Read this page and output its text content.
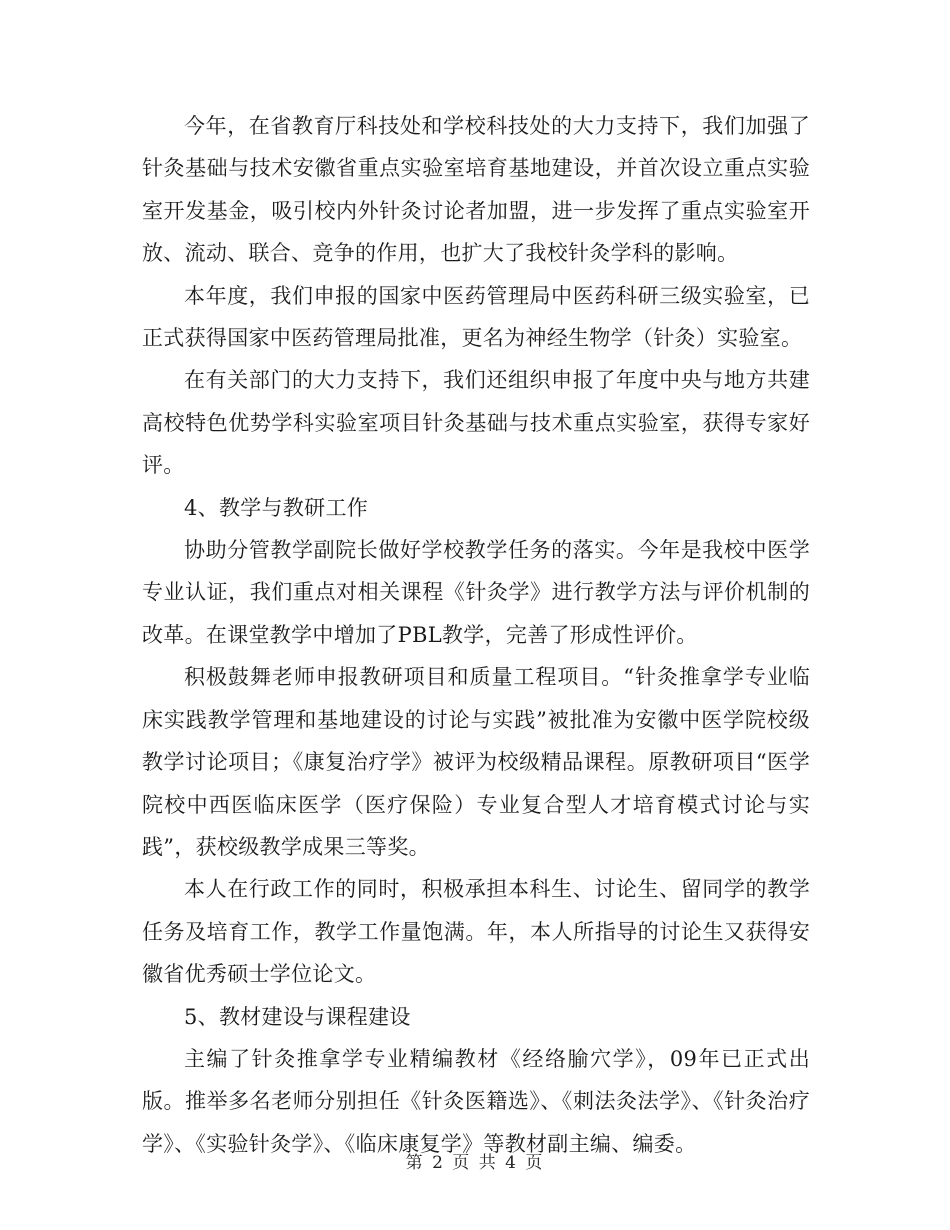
今年，在省教育厅科技处和学校科技处的大力支持下，我们加强了针灸基础与技术安徽省重点实验室培育基地建设，并首次设立重点实验室开发基金，吸引校内外针灸讨论者加盟，进一步发挥了重点实验室开放、流动、联合、竞争的作用，也扩大了我校针灸学科的影响。

本年度，我们申报的国家中医药管理局中医药科研三级实验室，已正式获得国家中医药管理局批准，更名为神经生物学（针灸）实验室。

在有关部门的大力支持下，我们还组织申报了年度中央与地方共建高校特色优势学科实验室项目针灸基础与技术重点实验室，获得专家好评。

4、教学与教研工作

协助分管教学副院长做好学校教学任务的落实。今年是我校中医学专业认证，我们重点对相关课程《针灸学》进行教学方法与评价机制的改革。在课堂教学中增加了PBL教学，完善了形成性评价。

积极鼓舞老师申报教研项目和质量工程项目。“针灸推拿学专业临床实践教学管理和基地建设的讨论与实践”被批准为安徽中医学院校级教学讨论项目；《康复治疗学》被评为校级精品课程。原教研项目“医学院校中西医临床医学（医疗保险）专业复合型人才培育模式讨论与实践”，获校级教学成果三等奖。

本人在行政工作的同时，积极承担本科生、讨论生、留同学的教学任务及培育工作，教学工作量饱满。年，本人所指导的讨论生又获得安徽省优秀硕士学位论文。

5、教材建设与课程建设

主编了针灸推拿学专业精编教材《经络腧穴学》，09年已正式出版。推举多名老师分别担任《针灸医籍选》、《刺法灸法学》、《针灸治疗学》、《实验针灸学》、《临床康复学》等教材副主编、编委。

第 2 页 共 4 页
